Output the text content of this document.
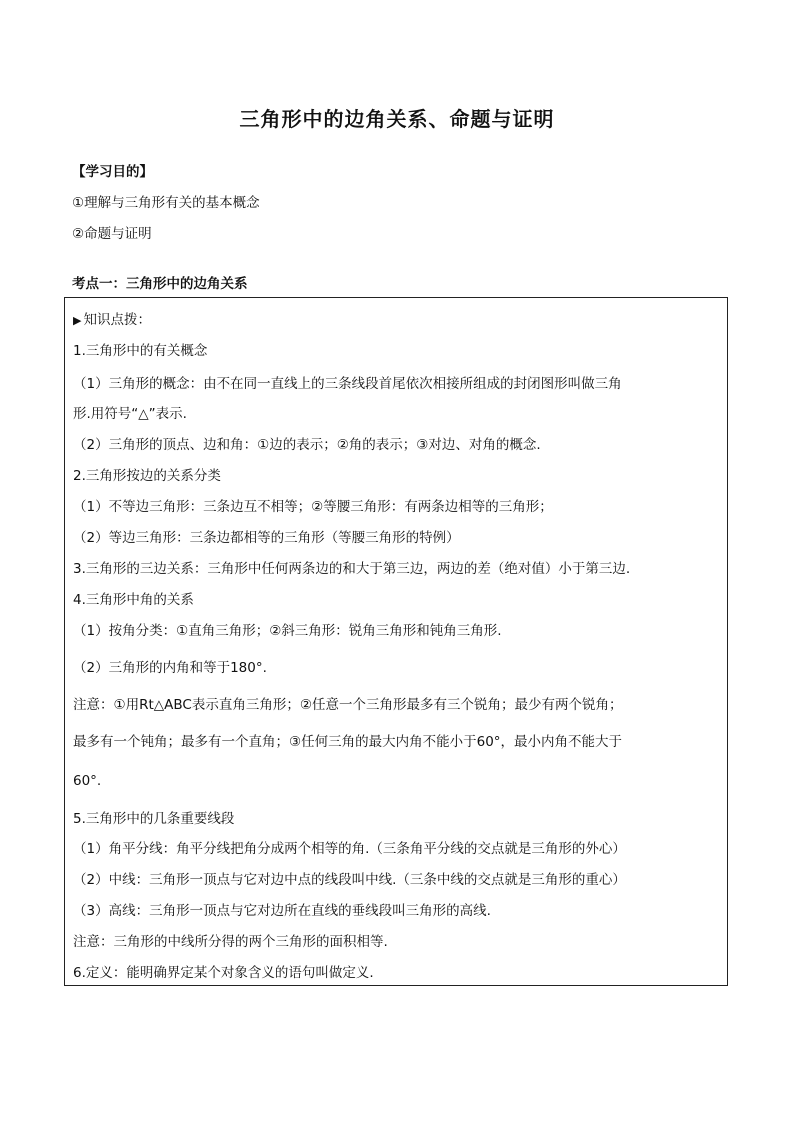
三角形中的边角关系、命题与证明
【学习目的】
①理解与三角形有关的基本概念
②命题与证明
考点一：三角形中的边角关系
▶ 知识点拨：
1.三角形中的有关概念
（1）三角形的概念：由不在同一直线上的三条线段首尾依次相接所组成的封闭图形叫做三角
形.用符号“△”表示.
（2）三角形的顶点、边和角：①边的表示；②角的表示；③对边、对角的概念.
2.三角形按边的关系分类
（1）不等边三角形：三条边互不相等；②等腰三角形：有两条边相等的三角形；
（2）等边三角形：三条边都相等的三角形（等腰三角形的特例）
3.三角形的三边关系：三角形中任何两条边的和大于第三边，两边的差（绝对值）小于第三边.
4.三角形中角的关系
（1）按角分类：①直角三角形；②斜三角形：锐角三角形和钝角三角形.
（2）三角形的内角和等于180°.
注意：①用Rt△ABC表示直角三角形；②任意一个三角形最多有三个锐角；最少有两个锐角；
最多有一个钝角；最多有一个直角；③任何三角的最大内角不能小于60°，最小内角不能大于
60°.
5.三角形中的几条重要线段
（1）角平分线：角平分线把角分成两个相等的角.（三条角平分线的交点就是三角形的外心）
（2）中线：三角形一顶点与它对边中点的线段叫中线.（三条中线的交点就是三角形的重心）
（3）高线：三角形一顶点与它对边所在直线的垂线段叫三角形的高线.
注意：三角形的中线所分得的两个三角形的面积相等.
6.定义：能明确界定某个对象含义的语句叫做定义.
